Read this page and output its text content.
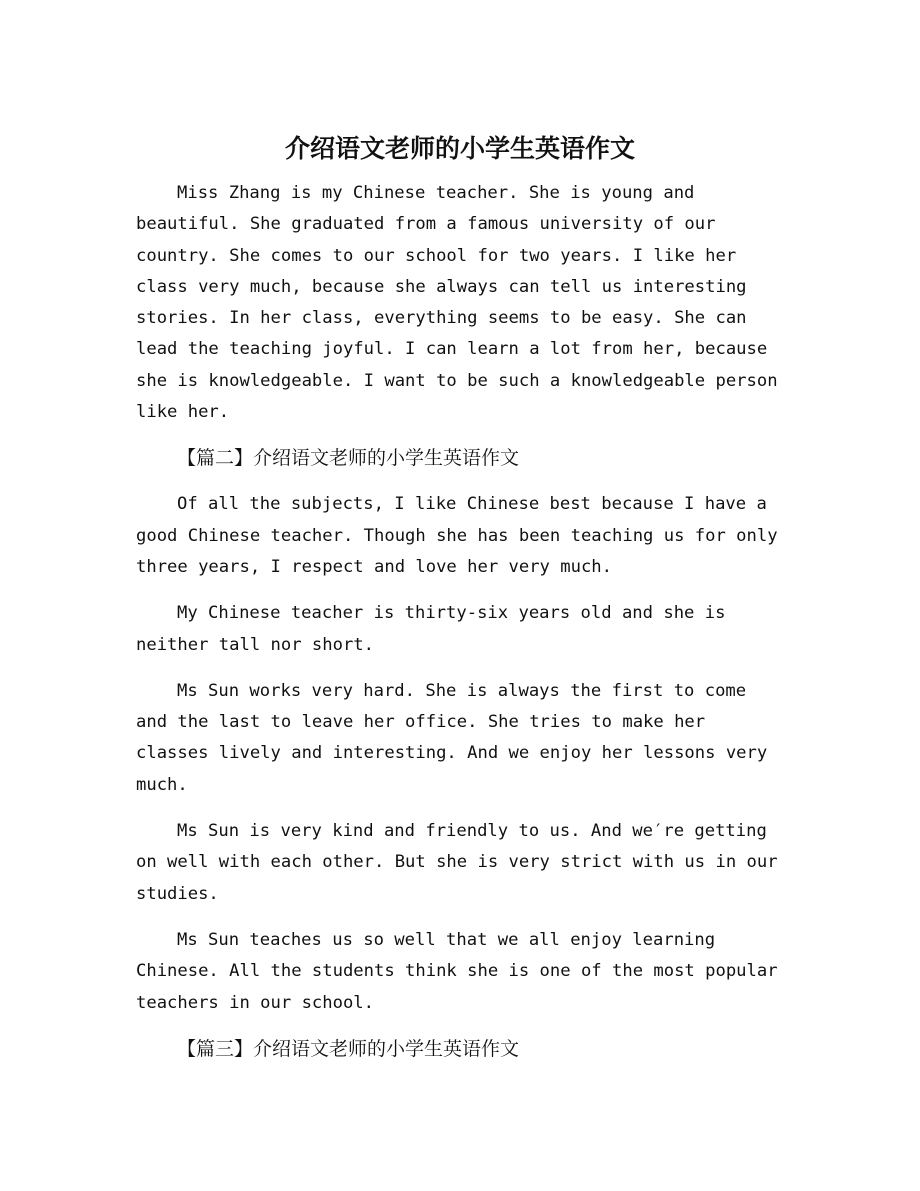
介绍语文老师的小学生英语作文

Miss Zhang is my Chinese teacher. She is young and beautiful. She graduated from a famous university of our country. She comes to our school for two years. I like her class very much, because she always can tell us interesting stories. In her class, everything seems to be easy. She can lead the teaching joyful. I can learn a lot from her, because she is knowledgeable. I want to be such a knowledgeable person like her.

【篇二】介绍语文老师的小学生英语作文

Of all the subjects, I like Chinese best because I have a good Chinese teacher. Though she has been teaching us for only three years, I respect and love her very much.

My Chinese teacher is thirty-six years old and she is neither tall nor short.

Ms Sun works very hard. She is always the first to come and the last to leave her office. She tries to make her classes lively and interesting. And we enjoy her lessons very much.

Ms Sun is very kind and friendly to us. And we′re getting on well with each other. But she is very strict with us in our studies.

Ms Sun teaches us so well that we all enjoy learning Chinese. All the students think she is one of the most popular teachers in our school.

【篇三】介绍语文老师的小学生英语作文
